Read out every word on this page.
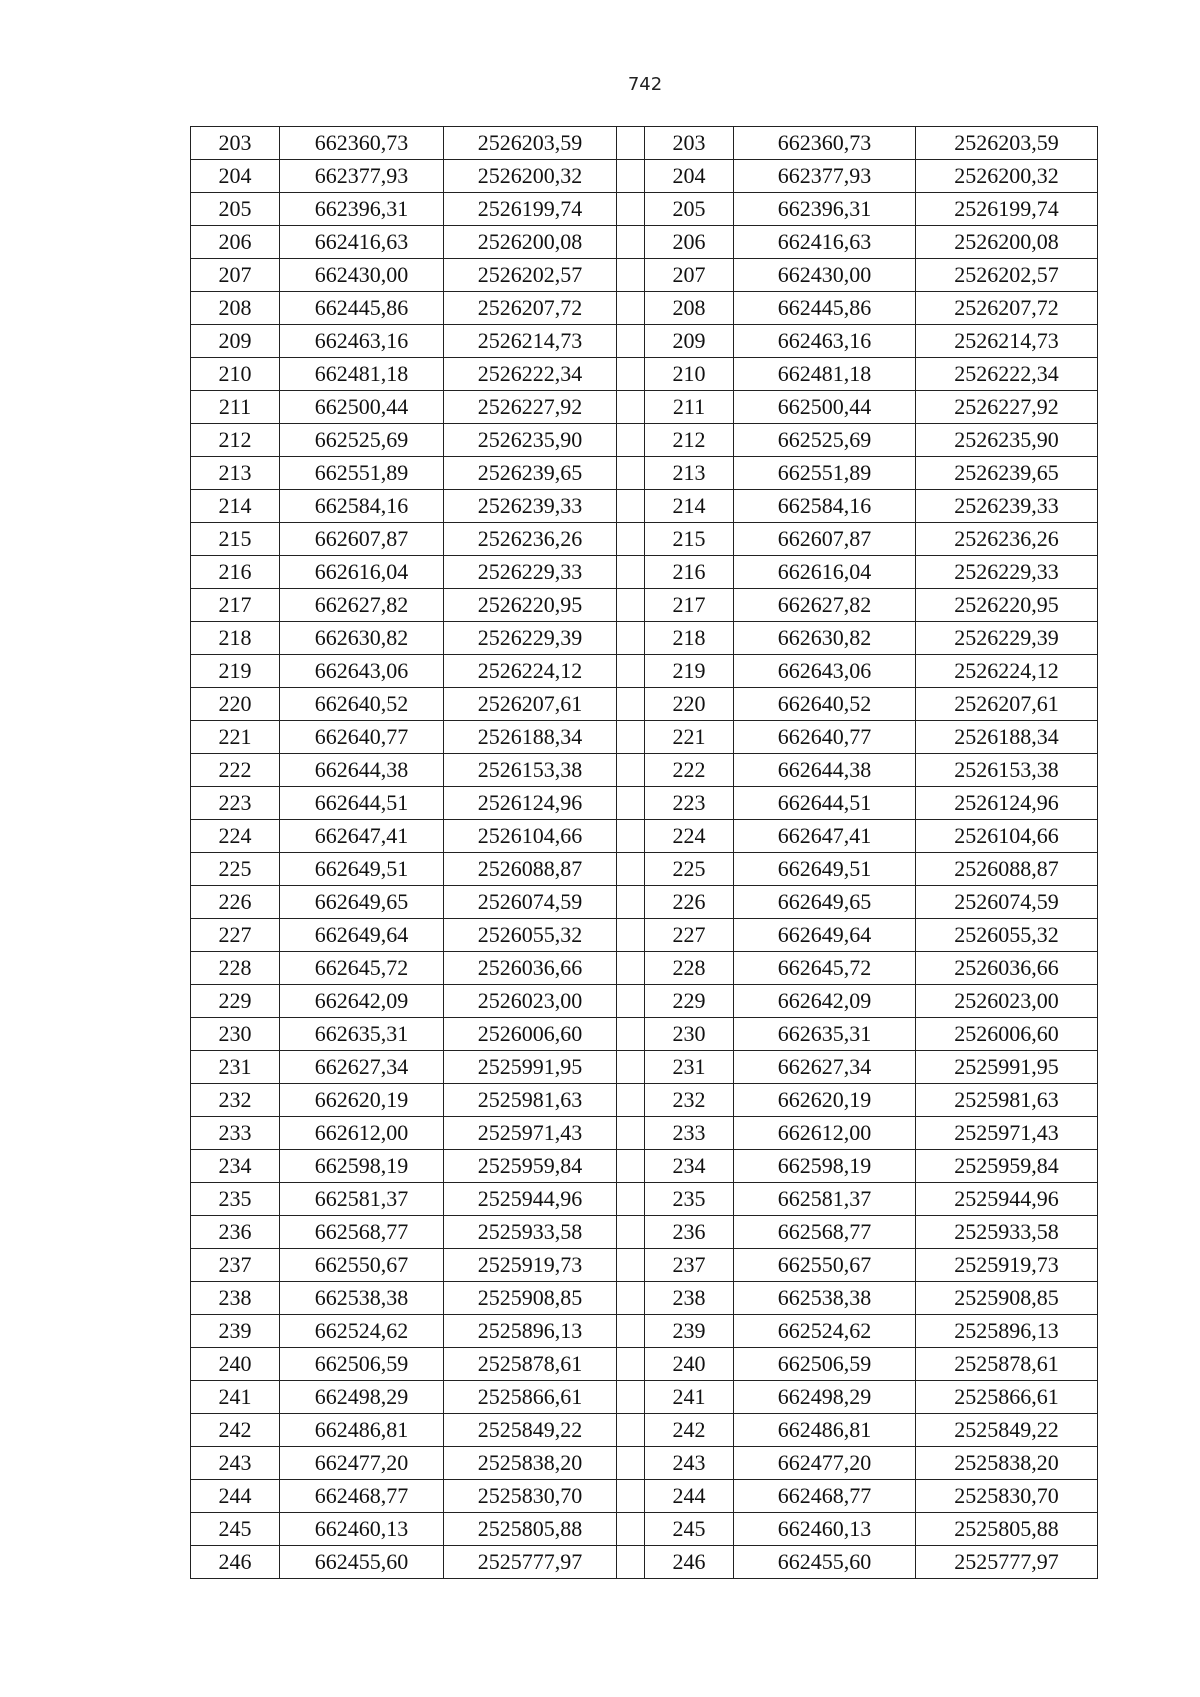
742
203	662360,73	2526203,59		203	662360,73	2526203,59
204	662377,93	2526200,32		204	662377,93	2526200,32
205	662396,31	2526199,74		205	662396,31	2526199,74
206	662416,63	2526200,08		206	662416,63	2526200,08
207	662430,00	2526202,57		207	662430,00	2526202,57
208	662445,86	2526207,72		208	662445,86	2526207,72
209	662463,16	2526214,73		209	662463,16	2526214,73
210	662481,18	2526222,34		210	662481,18	2526222,34
211	662500,44	2526227,92		211	662500,44	2526227,92
212	662525,69	2526235,90		212	662525,69	2526235,90
213	662551,89	2526239,65		213	662551,89	2526239,65
214	662584,16	2526239,33		214	662584,16	2526239,33
215	662607,87	2526236,26		215	662607,87	2526236,26
216	662616,04	2526229,33		216	662616,04	2526229,33
217	662627,82	2526220,95		217	662627,82	2526220,95
218	662630,82	2526229,39		218	662630,82	2526229,39
219	662643,06	2526224,12		219	662643,06	2526224,12
220	662640,52	2526207,61		220	662640,52	2526207,61
221	662640,77	2526188,34		221	662640,77	2526188,34
222	662644,38	2526153,38		222	662644,38	2526153,38
223	662644,51	2526124,96		223	662644,51	2526124,96
224	662647,41	2526104,66		224	662647,41	2526104,66
225	662649,51	2526088,87		225	662649,51	2526088,87
226	662649,65	2526074,59		226	662649,65	2526074,59
227	662649,64	2526055,32		227	662649,64	2526055,32
228	662645,72	2526036,66		228	662645,72	2526036,66
229	662642,09	2526023,00		229	662642,09	2526023,00
230	662635,31	2526006,60		230	662635,31	2526006,60
231	662627,34	2525991,95		231	662627,34	2525991,95
232	662620,19	2525981,63		232	662620,19	2525981,63
233	662612,00	2525971,43		233	662612,00	2525971,43
234	662598,19	2525959,84		234	662598,19	2525959,84
235	662581,37	2525944,96		235	662581,37	2525944,96
236	662568,77	2525933,58		236	662568,77	2525933,58
237	662550,67	2525919,73		237	662550,67	2525919,73
238	662538,38	2525908,85		238	662538,38	2525908,85
239	662524,62	2525896,13		239	662524,62	2525896,13
240	662506,59	2525878,61		240	662506,59	2525878,61
241	662498,29	2525866,61		241	662498,29	2525866,61
242	662486,81	2525849,22		242	662486,81	2525849,22
243	662477,20	2525838,20		243	662477,20	2525838,20
244	662468,77	2525830,70		244	662468,77	2525830,70
245	662460,13	2525805,88		245	662460,13	2525805,88
246	662455,60	2525777,97		246	662455,60	2525777,97
